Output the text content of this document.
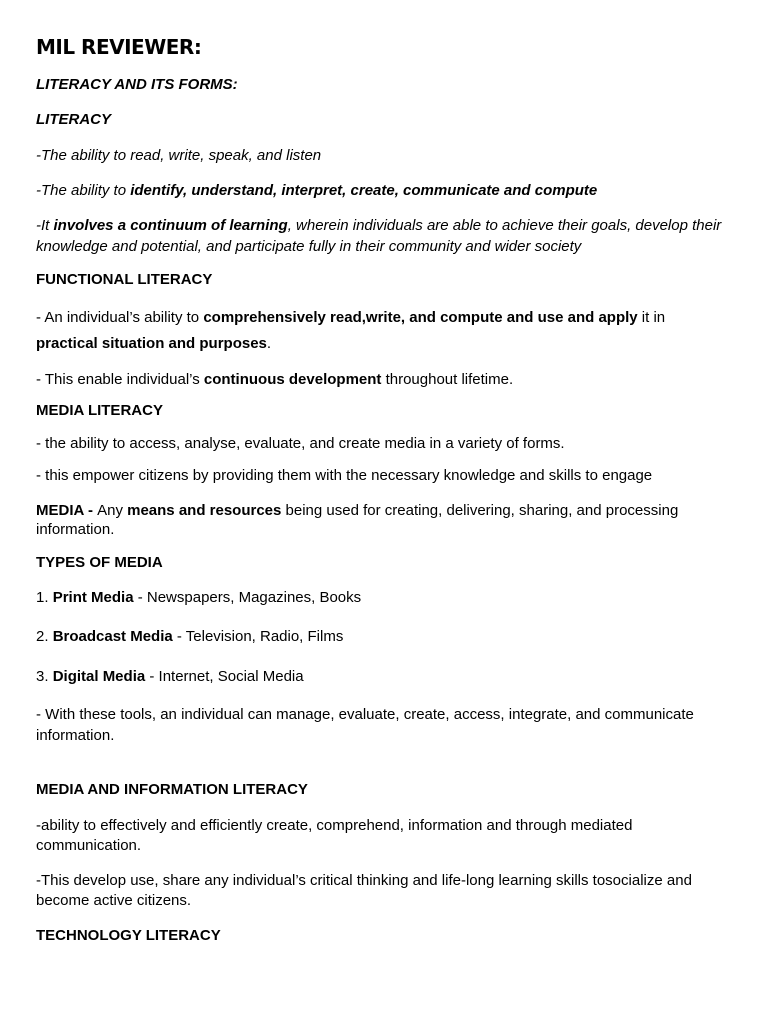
MIL REVIEWER:
LITERACY AND ITS FORMS:
LITERACY
-The ability to read, write, speak, and listen
-The ability to identify, understand, interpret, create, communicate and compute
-It involves a continuum of learning, wherein individuals are able to achieve their goals, develop their knowledge and potential, and participate fully in their community and wider society
FUNCTIONAL LITERACY
- An individual’s ability to comprehensively read,write, and compute and use and apply it in
practical situation and purposes.
- This enable individual’s continuous development throughout lifetime.
MEDIA LITERACY
- the ability to access, analyse, evaluate, and create media in a variety of forms.
- this empower citizens by providing them with the necessary knowledge and skills to engage
MEDIA - Any means and resources being used for creating, delivering, sharing, and processing information.
TYPES OF MEDIA
1. Print Media - Newspapers, Magazines, Books
2. Broadcast Media - Television, Radio, Films
3. Digital Media - Internet, Social Media
- With these tools, an individual can manage, evaluate, create, access, integrate, and communicate information.
MEDIA AND INFORMATION LITERACY
-ability to effectively and efficiently create, comprehend, information and through mediated communication.
-This develop use, share any individual’s critical thinking and life-long learning skills tosocialize and become active citizens.
TECHNOLOGY LITERACY
